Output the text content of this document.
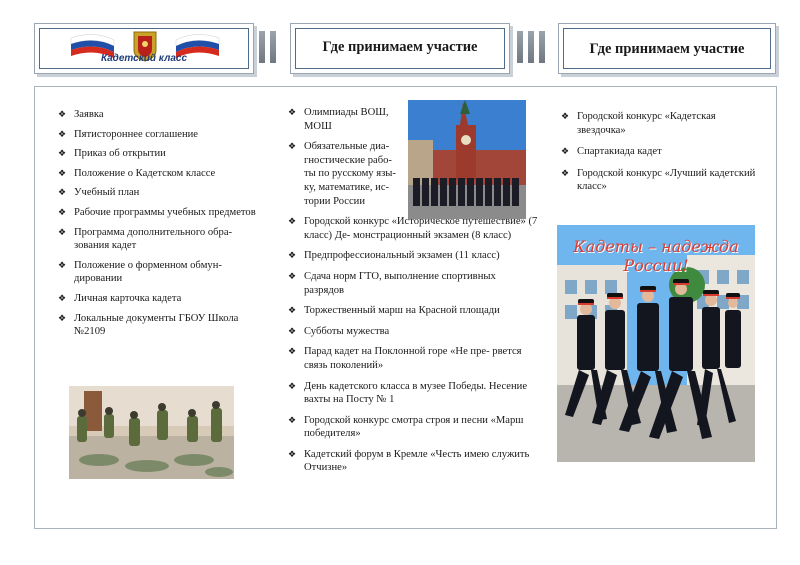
Кадетский класс
Где принимаем участие	Где принимаем участие
❖ Заявка
❖ Пятистороннее соглашение
❖ Приказ об открытии
❖ Положение о Кадетском классе
❖ Учебный план
❖ Рабочие программы учебных предметов
❖ Программа дополнительного обра- зования кадет
❖ Положение о форменном обмун- дировании
❖ Личная карточка кадета
❖ Локальные документы ГБОУ Школа №2109
❖ Олимпиады ВОШ, МОШ
❖ Обязательные диа- гностические рабо- ты по русскому язы- ку, математике, ис- тории России
❖ Городской конкурс «Историческое путешествие» (7 класс) Де- монстрационный экзамен (8 класс)
❖ Предпрофессиональный экзамен (11 класс)
❖ Сдача норм ГТО, выполнение спортивных разрядов
❖ Торжественный марш на Красной площади
❖ Субботы мужества
❖ Парад кадет на Поклонной горе «Не пре- рвется связь поколений»
❖ День кадетского класса в музее Победы. Несение вахты на Посту № 1
❖ Городской конкурс смотра строя и песни «Марш победителя»
❖ Кадетский форум в Кремле «Честь имею служить Отчизне»
❖ Городской конкурс «Кадетская звездочка»
❖ Спартакиада кадет
❖ Городской конкурс «Лучший кадетский класс»
Кадеты – надежда России!
